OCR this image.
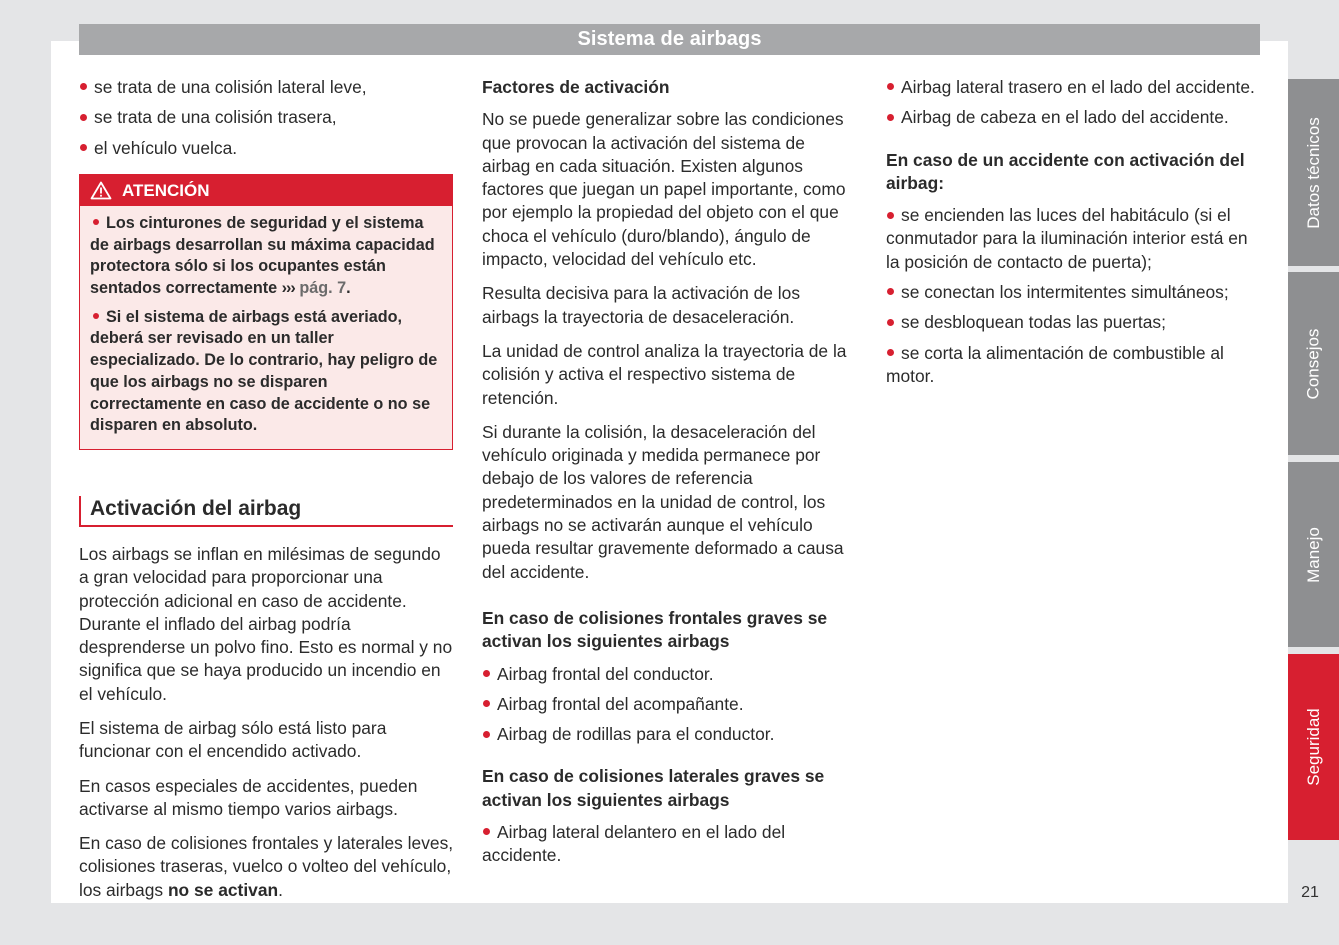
Sistema de airbags
se trata de una colisión lateral leve,
se trata de una colisión trasera,
el vehículo vuelca.
ATENCIÓN
Los cinturones de seguridad y el sistema de airbags desarrollan su máxima capacidad protectora sólo si los ocupantes están sentados correctamente ››› pág. 7.
Si el sistema de airbags está averiado, deberá ser revisado en un taller especializado. De lo contrario, hay peligro de que los airbags no se disparen correctamente en caso de accidente o no se disparen en absoluto.
Activación del airbag

Los airbags se inflan en milésimas de segundo a gran velocidad para proporcionar una protección adicional en caso de accidente. Durante el inflado del airbag podría desprenderse un polvo fino. Esto es normal y no significa que se haya producido un incendio en el vehículo.

El sistema de airbag sólo está listo para funcionar con el encendido activado.

En casos especiales de accidentes, pueden activarse al mismo tiempo varios airbags.

En caso de colisiones frontales y laterales leves, colisiones traseras, vuelco o volteo del vehículo, los airbags no se activan.

Factores de activación

No se puede generalizar sobre las condiciones que provocan la activación del sistema de airbag en cada situación. Existen algunos factores que juegan un papel importante, como por ejemplo la propiedad del objeto con el que choca el vehículo (duro/blando), ángulo de impacto, velocidad del vehículo etc.

Resulta decisiva para la activación de los airbags la trayectoria de desaceleración.

La unidad de control analiza la trayectoria de la colisión y activa el respectivo sistema de retención.

Si durante la colisión, la desaceleración del vehículo originada y medida permanece por debajo de los valores de referencia predeterminados en la unidad de control, los airbags no se activarán aunque el vehículo pueda resultar gravemente deformado a causa del accidente.

En caso de colisiones frontales graves se activan los siguientes airbags
Airbag frontal del conductor.
Airbag frontal del acompañante.
Airbag de rodillas para el conductor.
En caso de colisiones laterales graves se activan los siguientes airbags
Airbag lateral delantero en el lado del accidente.
Airbag lateral trasero en el lado del accidente.
Airbag de cabeza en el lado del accidente.
En caso de un accidente con activación del airbag:
se encienden las luces del habitáculo (si el conmutador para la iluminación interior está en la posición de contacto de puerta);
se conectan los intermitentes simultáneos;
se desbloquean todas las puertas;
se corta la alimentación de combustible al motor.
Datos técnicos
Consejos
Manejo
Seguridad
21
